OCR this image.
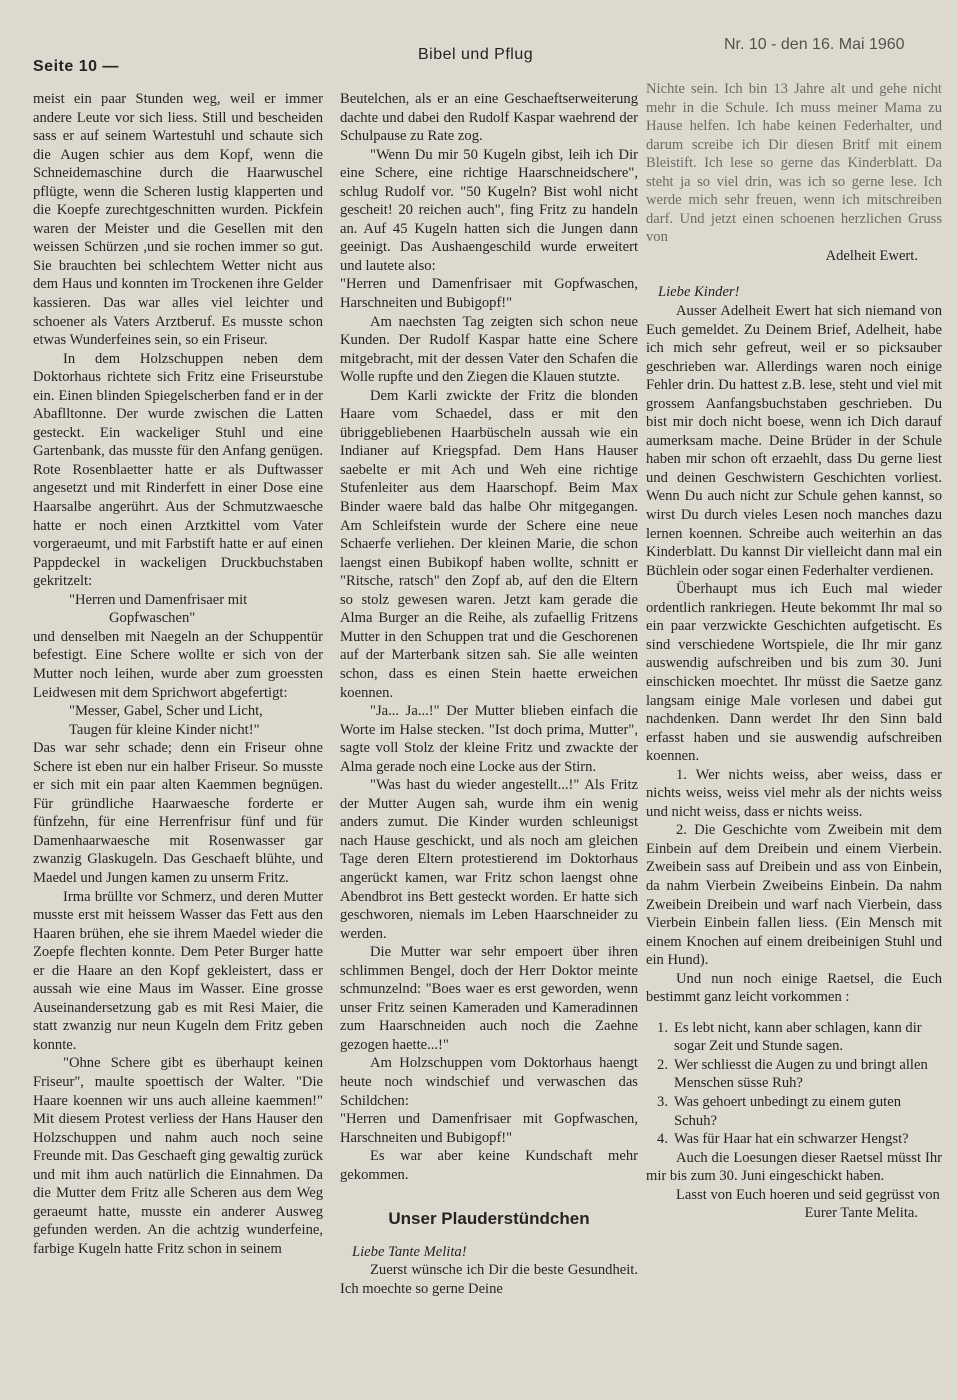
Seite 10 —
Bibel und Pflug
Nr. 10 - den 16. Mai 1960

meist ein paar Stunden weg, weil er immer andere Leute vor sich liess. Still und bescheiden sass er auf seinem Wartestuhl und schaute sich die Augen schier aus dem Kopf, wenn die Schneidemaschine durch die Haarwuschel pflügte, wenn die Scheren lustig klapperten und die Koepfe zurechtgeschnitten wurden. Pickfein waren der Meister und die Gesellen mit den weissen Schürzen ,und sie rochen immer so gut. Sie brauchten bei schlechtem Wetter nicht aus dem Haus und konnten im Trockenen ihre Gelder kassieren. Das war alles viel leichter und schoener als Vaters Arztberuf. Es musste schon etwas Wunderfeines sein, so ein Friseur.

In dem Holzschuppen neben dem Doktorhaus richtete sich Fritz eine Friseurstube ein. Einen blinden Spiegelscherben fand er in der Abaflltonne. Der wurde zwischen die Latten gesteckt. Ein wackeliger Stuhl und eine Gartenbank, das musste für den Anfang genügen. Rote Rosenblaetter hatte er als Duftwasser angesetzt und mit Rinderfett in einer Dose eine Haarsalbe angerührt. Aus der Schmutzwaesche hatte er noch einen Arztkittel vom Vater vorgeraeumt, und mit Farbstift hatte er auf einen Pappdeckel in wackeligen Druckbuchstaben gekritzelt:

"Herren und Damenfrisaer mit

Gopfwaschen"

und denselben mit Naegeln an der Schuppentür befestigt. Eine Schere wollte er sich von der Mutter noch leihen, wurde aber zum groessten Leidwesen mit dem Sprichwort abgefertigt:

"Messer, Gabel, Scher und Licht,

Taugen für kleine Kinder nicht!"

Das war sehr schade; denn ein Friseur ohne Schere ist eben nur ein halber Friseur. So musste er sich mit ein paar alten Kaemmen begnügen. Für gründliche Haarwaesche forderte er fünfzehn, für eine Herrenfrisur fünf und für Damenhaarwaesche mit Rosenwasser gar zwanzig Glaskugeln. Das Geschaeft blühte, und Maedel und Jungen kamen zu unserm Fritz.

Irma brüllte vor Schmerz, und deren Mutter musste erst mit heissem Wasser das Fett aus den Haaren brühen, ehe sie ihrem Maedel wieder die Zoepfe flechten konnte. Dem Peter Burger hatte er die Haare an den Kopf gekleistert, dass er aussah wie eine Maus im Wasser. Eine grosse Auseinandersetzung gab es mit Resi Maier, die statt zwanzig nur neun Kugeln dem Fritz geben konnte.

"Ohne Schere gibt es überhaupt keinen Friseur", maulte spoettisch der Walter. "Die Haare koennen wir uns auch alleine kaemmen!" Mit diesem Protest verliess der Hans Hauser den Holzschuppen und nahm auch noch seine Freunde mit. Das Geschaeft ging gewaltig zurück und mit ihm auch natürlich die Einnahmen. Da die Mutter dem Fritz alle Scheren aus dem Weg geraeumt hatte, musste ein anderer Ausweg gefunden werden. An die achtzig wunderfeine, farbige Kugeln hatte Fritz schon in seinem

Beutelchen, als er an eine Geschaeftserweiterung dachte und dabei den Rudolf Kaspar waehrend der Schulpause zu Rate zog.

"Wenn Du mir 50 Kugeln gibst, leih ich Dir eine Schere, eine richtige Haarschneidschere", schlug Rudolf vor. "50 Kugeln? Bist wohl nicht gescheit! 20 reichen auch", fing Fritz zu handeln an. Auf 45 Kugeln hatten sich die Jungen dann geeinigt. Das Aushaengeschild wurde erweitert und lautete also:

"Herren und Damenfrisaer mit Gopfwaschen, Harschneiten und Bubigopf!"

Am naechsten Tag zeigten sich schon neue Kunden. Der Rudolf Kaspar hatte eine Schere mitgebracht, mit der dessen Vater den Schafen die Wolle rupfte und den Ziegen die Klauen stutzte.

Dem Karli zwickte der Fritz die blonden Haare vom Schaedel, dass er mit den übriggebliebenen Haarbüscheln aussah wie ein Indianer auf Kriegspfad. Dem Hans Hauser saebelte er mit Ach und Weh eine richtige Stufenleiter aus dem Haarschopf. Beim Max Binder waere bald das halbe Ohr mitgegangen. Am Schleifstein wurde der Schere eine neue Schaerfe verliehen. Der kleinen Marie, die schon laengst einen Bubikopf haben wollte, schnitt er "Ritsche, ratsch" den Zopf ab, auf den die Eltern so stolz gewesen waren. Jetzt kam gerade die Alma Burger an die Reihe, als zufaellig Fritzens Mutter in den Schuppen trat und die Geschorenen auf der Marterbank sitzen sah. Sie alle weinten schon, dass es einen Stein haette erweichen koennen.

"Ja... Ja...!" Der Mutter blieben einfach die Worte im Halse stecken. "Ist doch prima, Mutter", sagte voll Stolz der kleine Fritz und zwackte der Alma gerade noch eine Locke aus der Stirn.

"Was hast du wieder angestellt...!" Als Fritz der Mutter Augen sah, wurde ihm ein wenig anders zumut. Die Kinder wurden schleunigst nach Hause geschickt, und als noch am gleichen Tage deren Eltern protestierend im Doktorhaus angerückt kamen, war Fritz schon laengst ohne Abendbrot ins Bett gesteckt worden. Er hatte sich geschworen, niemals im Leben Haarschneider zu werden.

Die Mutter war sehr empoert über ihren schlimmen Bengel, doch der Herr Doktor meinte schmunzelnd: "Boes waer es erst geworden, wenn unser Fritz seinen Kameraden und Kameradinnen zum Haarschneiden auch noch die Zaehne gezogen haette...!"

Am Holzschuppen vom Doktorhaus haengt heute noch windschief und verwaschen das Schildchen:

"Herren und Damenfrisaer mit Gopfwaschen, Harschneiten und Bubigopf!"

Es war aber keine Kundschaft mehr gekommen.

Unser Plauderstündchen

Liebe Tante Melita!

Zuerst wünsche ich Dir die beste Gesundheit. Ich moechte so gerne Deine

Nichte sein. Ich bin 13 Jahre alt und gehe nicht mehr in die Schule. Ich muss meiner Mama zu Hause helfen. Ich habe keinen Federhalter, und darum screibe ich Dir diesen Britf mit einem Bleistift. Ich lese so gerne das Kinderblatt. Da steht ja so viel drin, was ich so gerne lese. Ich werde mich sehr freuen, wenn ich mitschreiben darf. Und jetzt einen schoenen herzlichen Gruss von

Adelheit Ewert.

Liebe Kinder!

Ausser Adelheit Ewert hat sich niemand von Euch gemeldet. Zu Deinem Brief, Adelheit, habe ich mich sehr gefreut, weil er so picksauber geschrieben war. Allerdings waren noch einige Fehler drin. Du hattest z.B. lese, steht und viel mit grossem Aanfangsbuchstaben geschrieben. Du bist mir doch nicht boese, wenn ich Dich darauf aumerksam mache. Deine Brüder in der Schule haben mir schon oft erzaehlt, dass Du gerne liest und deinen Geschwistern Geschichten vorliest. Wenn Du auch nicht zur Schule gehen kannst, so wirst Du durch vieles Lesen noch manches dazu lernen koennen. Schreibe auch weiterhin an das Kinderblatt. Du kannst Dir vielleicht dann mal ein Büchlein oder sogar einen Federhalter verdienen.

Überhaupt mus ich Euch mal wieder ordentlich rankriegen. Heute bekommt Ihr mal so ein paar verzwickte Geschichten aufgetischt. Es sind verschiedene Wortspiele, die Ihr mir ganz auswendig aufschreiben und bis zum 30. Juni einschicken moechtet. Ihr müsst die Saetze ganz langsam einige Male vorlesen und dabei gut nachdenken. Dann werdet Ihr den Sinn bald erfasst haben und sie auswendig aufschreiben koennen.

1. Wer nichts weiss, aber weiss, dass er nichts weiss, weiss viel mehr als der nichts weiss und nicht weiss, dass er nichts weiss.

2. Die Geschichte vom Zweibein mit dem Einbein auf dem Dreibein und einem Vierbein. Zweibein sass auf Dreibein und ass von Einbein, da nahm Vierbein Zweibeins Einbein. Da nahm Zweibein Dreibein und warf nach Vierbein, dass Vierbein Einbein fallen liess. (Ein Mensch mit einem Knochen auf einem dreibeinigen Stuhl und ein Hund).

Und nun noch einige Raetsel, die Euch bestimmt ganz leicht vorkommen :

1. Es lebt nicht, kann aber schlagen, kann dir sogar Zeit und Stunde sagen.
2. Wer schliesst die Augen zu und bringt allen Menschen süsse Ruh?
3. Was gehoert unbedingt zu einem guten Schuh?
4. Was für Haar hat ein schwarzer Hengst?

Auch die Loesungen dieser Raetsel müsst Ihr mir bis zum 30. Juni eingeschickt haben.

Lasst von Euch hoeren und seid gegrüsst von

Eurer Tante Melita.
